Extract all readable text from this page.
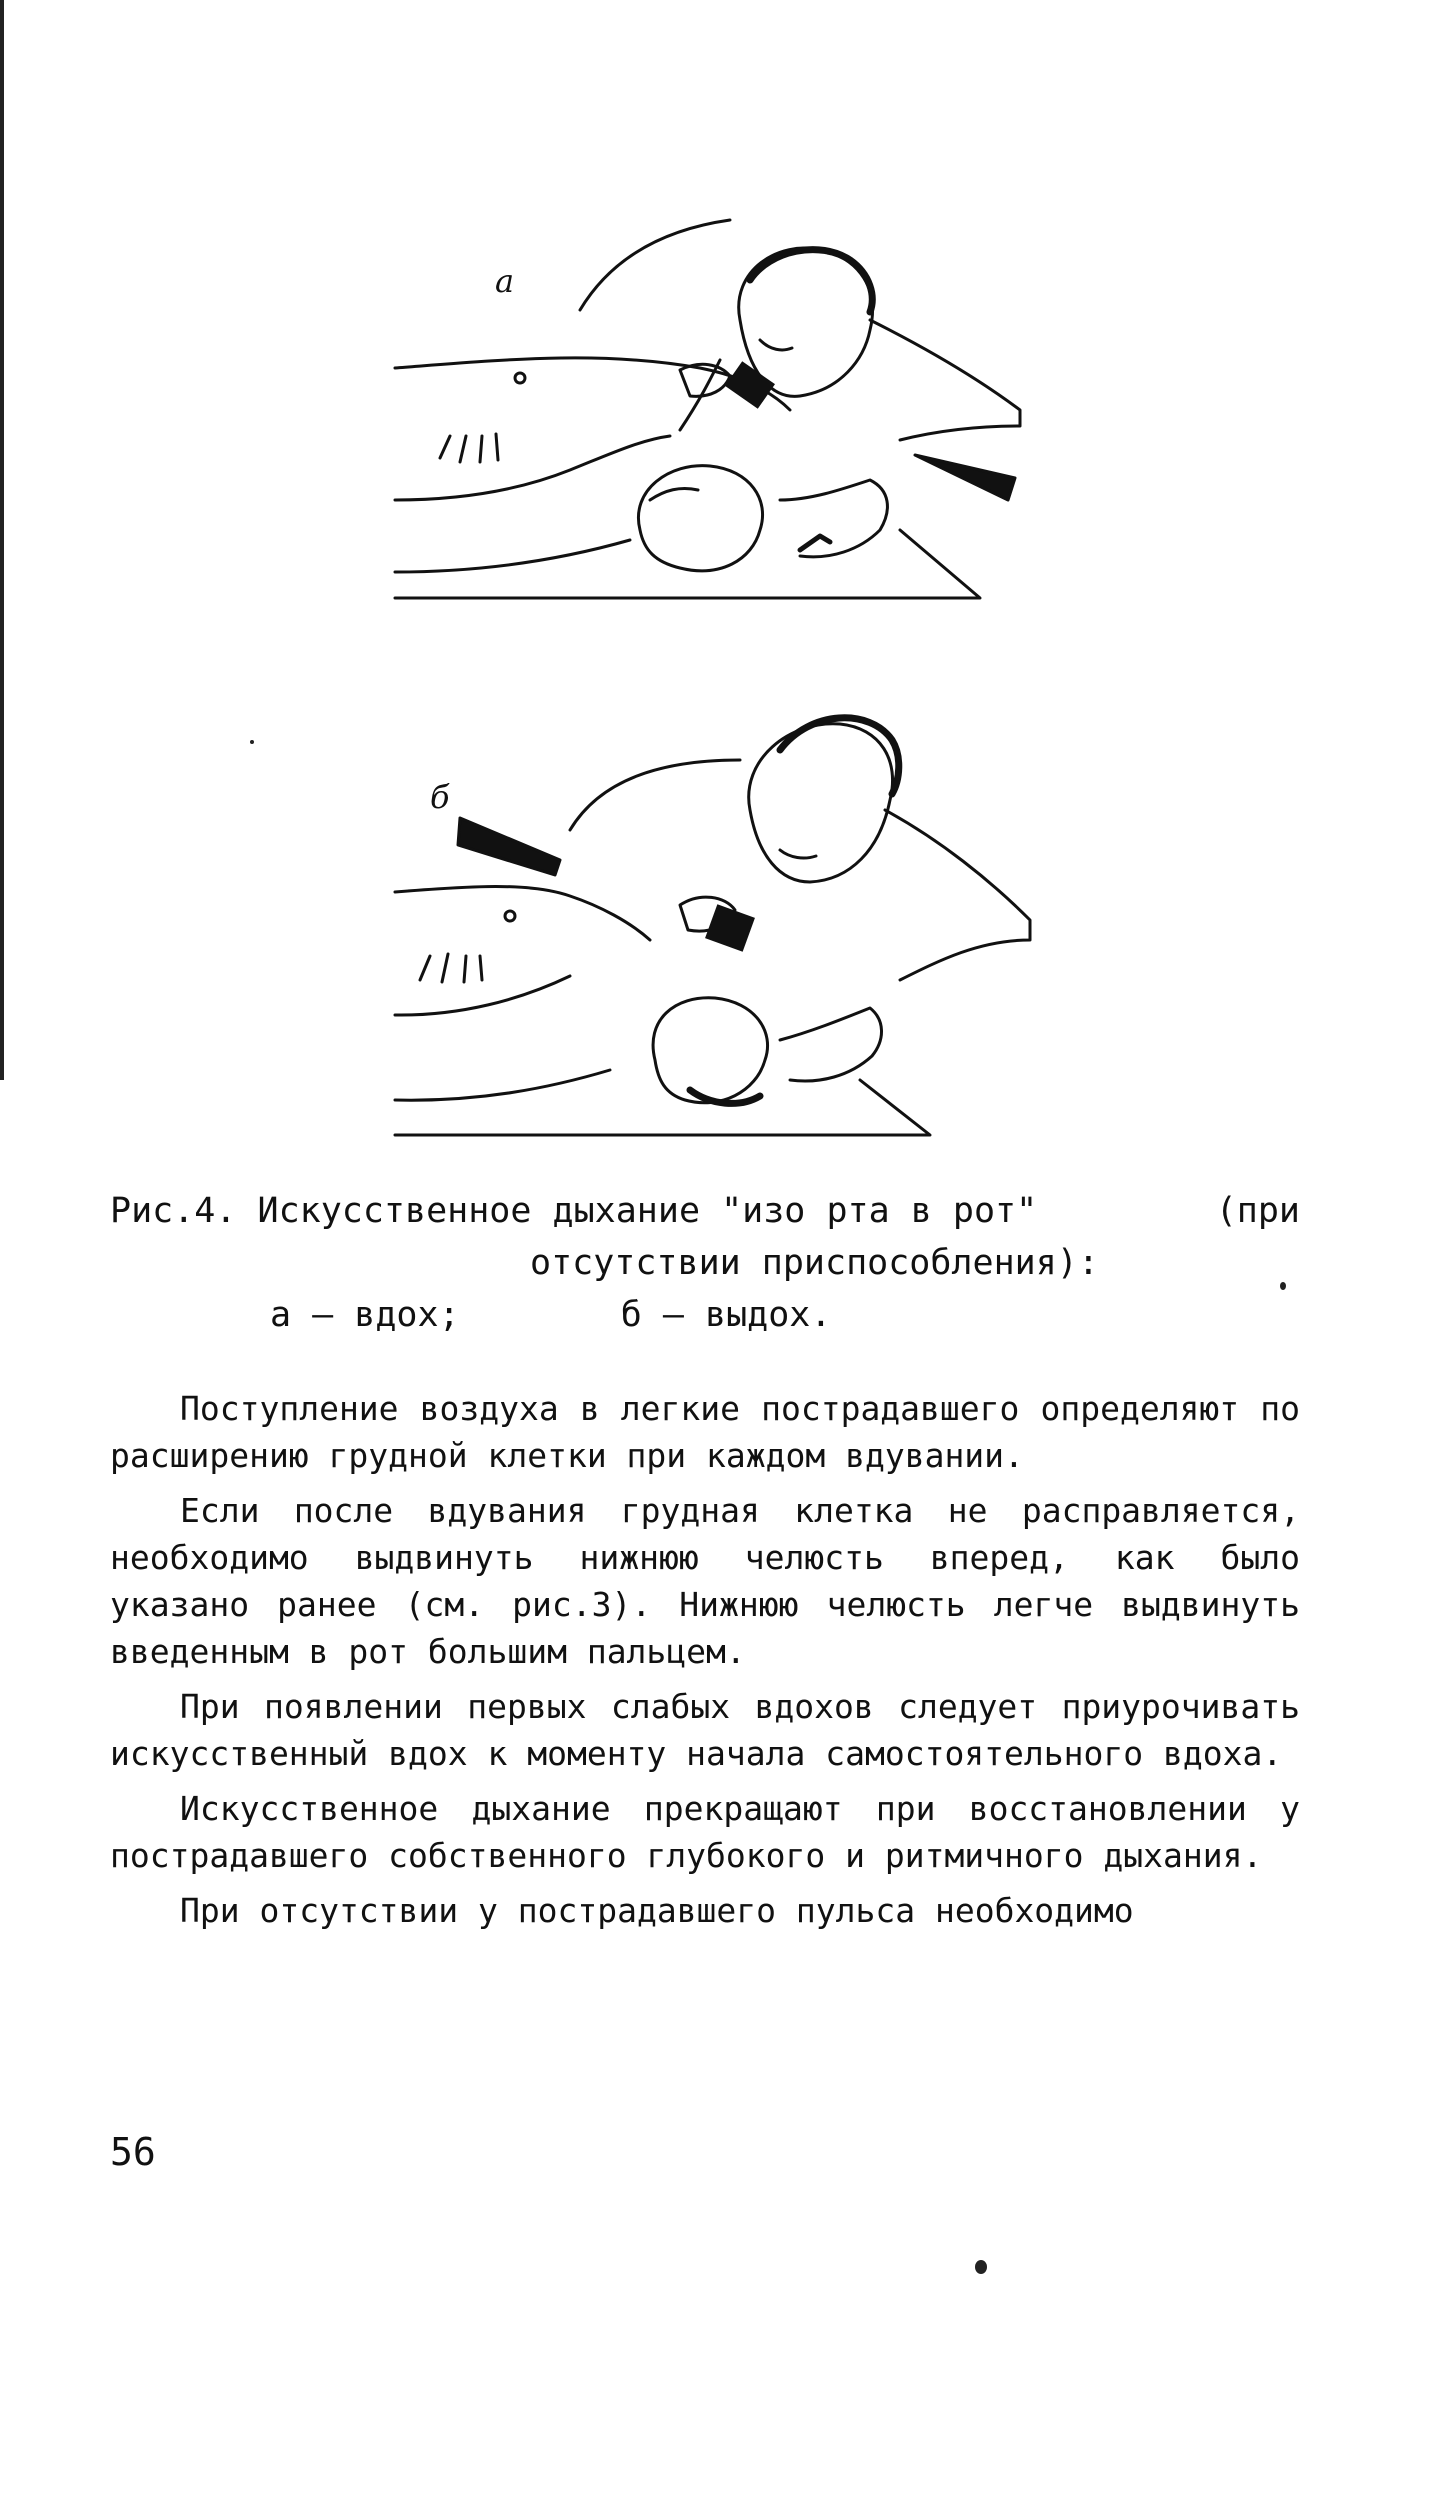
а
б
Рис.4. Искусственное дыхание "изо рта в рот"	(при
отсутствии приспособления):
а – вдох;	б – выдох.

Поступление воздуха в легкие пострадавшего определяют по расширению грудной клетки при каждом вдувании.

Если после вдувания грудная клетка не расправляется, необходимо выдвинуть нижнюю челюсть вперед, как было указано ранее (см. рис.3). Нижнюю челюсть легче выдвинуть введенным в рот большим пальцем.

При появлении первых слабых вдохов следует приурочивать искусственный вдох к моменту начала самостоятельного вдоха.

Искусственное дыхание прекращают при восстановлении у пострадавшего собственного глубокого и ритмичного дыхания.

При отсутствии у пострадавшего пульса необходимо

56
